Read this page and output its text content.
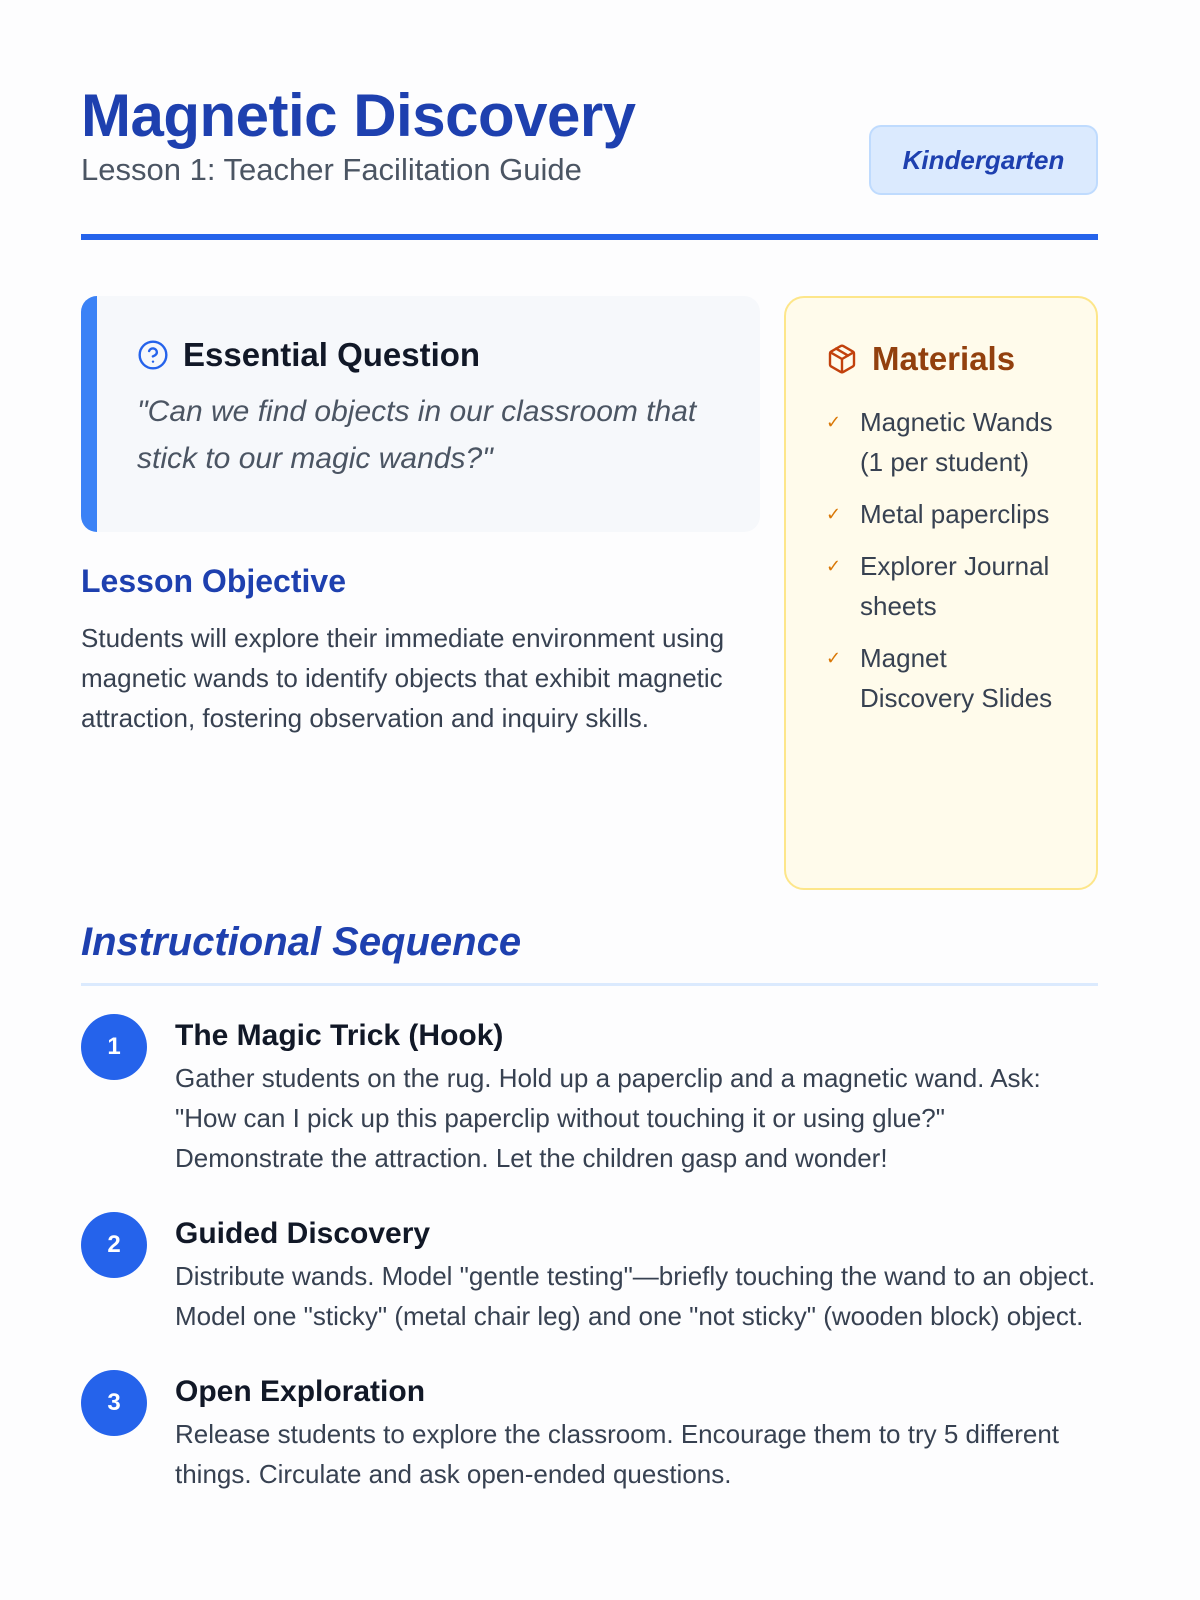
Magnetic Discovery
Lesson 1: Teacher Facilitation Guide	Kindergarten
Essential Question

"Can we find objects in our classroom that stick to our magic wands?"

Lesson Objective

Students will explore their immediate environment using magnetic wands to identify objects that exhibit magnetic attraction, fostering observation and inquiry skills.

Materials
✓ Magnetic Wands (1 per student)
✓ Metal paperclips
✓ Explorer Journal sheets
✓ Magnet Discovery Slides
Instructional Sequence
1	The Magic Trick (Hook)
Gather students on the rug. Hold up a paperclip and a magnetic wand. Ask: "How can I pick up this paperclip without touching it or using glue?" Demonstrate the attraction. Let the children gasp and wonder!
2	Guided Discovery
Distribute wands. Model "gentle testing"—briefly touching the wand to an object. Model one "sticky" (metal chair leg) and one "not sticky" (wooden block) object.
3	Open Exploration
Release students to explore the classroom. Encourage them to try 5 different things. Circulate and ask open-ended questions.
